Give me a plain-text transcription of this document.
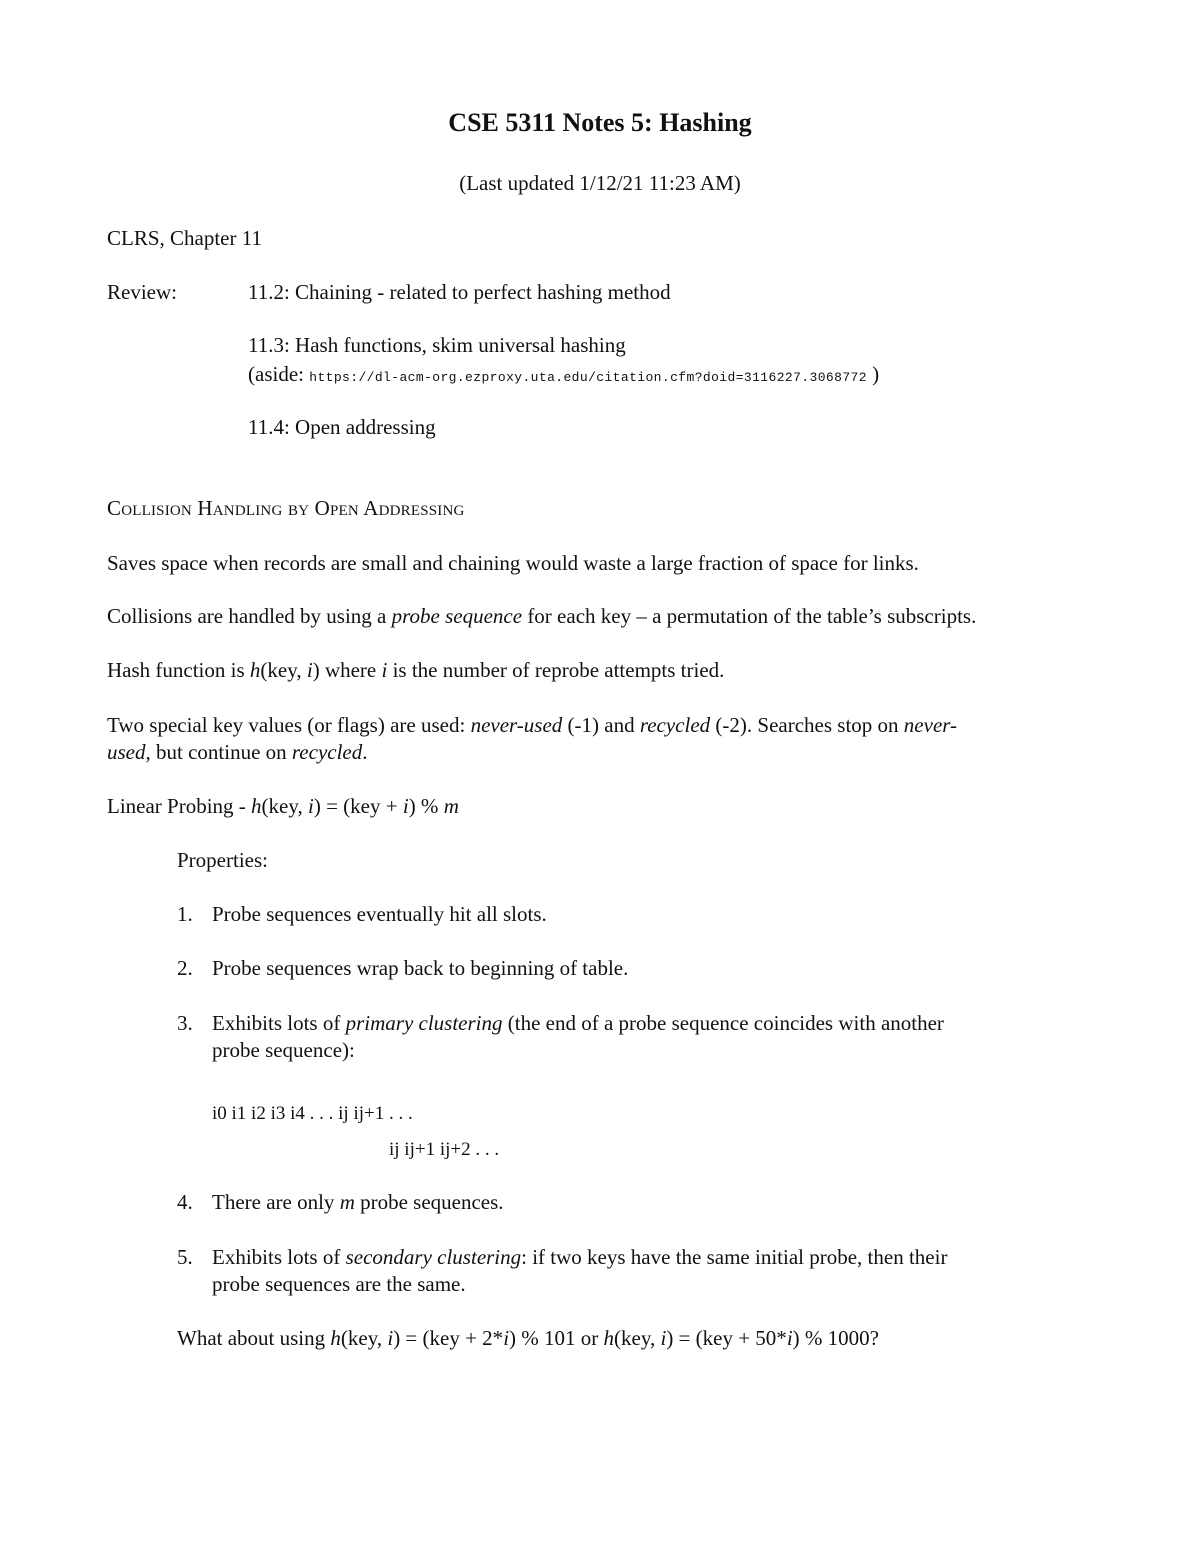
CSE 5311 Notes 5: Hashing
(Last updated 1/12/21 11:23 AM)
CLRS, Chapter 11
Review:	11.2: Chaining - related to perfect hashing method
11.3: Hash functions, skim universal hashing
(aside: https://dl-acm-org.ezproxy.uta.edu/citation.cfm?doid=3116227.3068772 )
11.4: Open addressing
Collision Handling by Open Addressing
Saves space when records are small and chaining would waste a large fraction of space for links.
Collisions are handled by using a probe sequence for each key – a permutation of the table’s subscripts.
Hash function is h(key, i) where i is the number of reprobe attempts tried.
Two special key values (or flags) are used: never-used (-1) and recycled (-2). Searches stop on never-
used, but continue on recycled.
Linear Probing - h(key, i) = (key + i) % m
Properties:
1. Probe sequences eventually hit all slots.
2. Probe sequences wrap back to beginning of table.
3. Exhibits lots of primary clustering (the end of a probe sequence coincides with another
probe sequence):
i0 i1 i2 i3 i4 . . . ij ij+1 . . .
ij ij+1 ij+2 . . .
4. There are only m probe sequences.
5. Exhibits lots of secondary clustering: if two keys have the same initial probe, then their
probe sequences are the same.
What about using h(key, i) = (key + 2*i) % 101 or h(key, i) = (key + 50*i) % 1000?
